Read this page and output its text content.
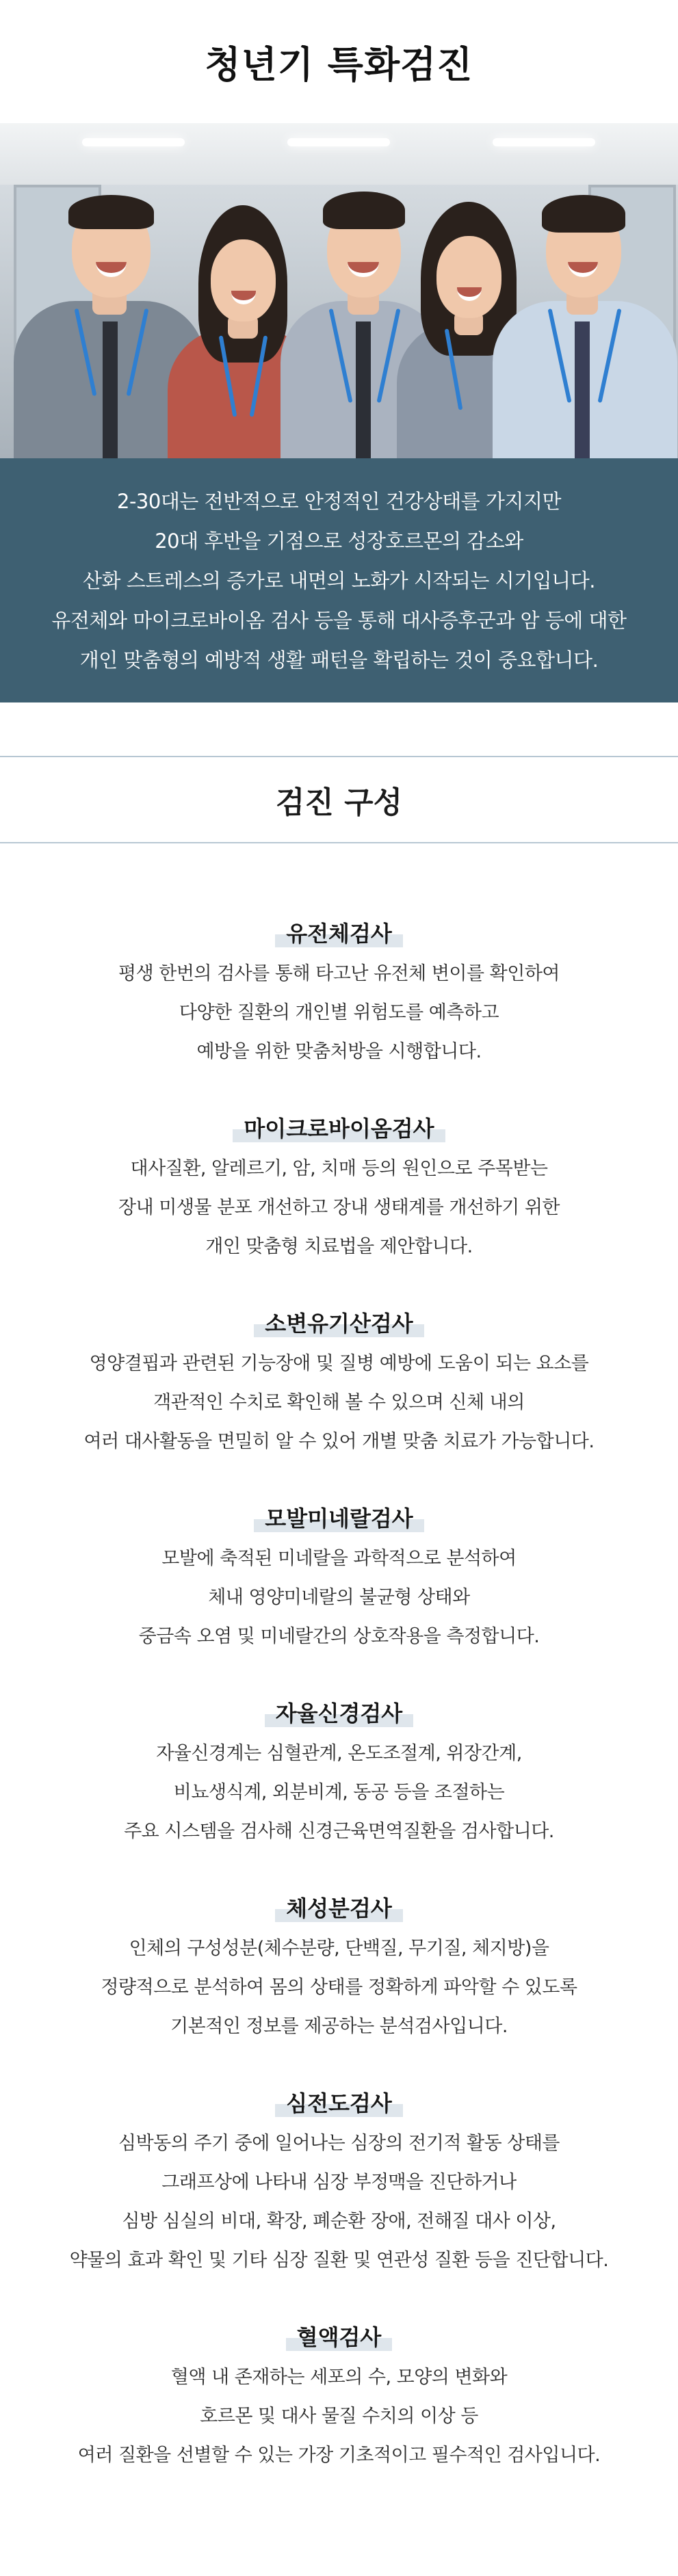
청년기 특화검진

2-30대는 전반적으로 안정적인 건강상태를 가지지만

20대 후반을 기점으로 성장호르몬의 감소와

산화 스트레스의 증가로 내면의 노화가 시작되는 시기입니다.

유전체와 마이크로바이옴 검사 등을 통해 대사증후군과 암 등에 대한

개인 맞춤형의 예방적 생활 패턴을 확립하는 것이 중요합니다.

검진 구성
유전체검사

평생 한번의 검사를 통해 타고난 유전체 변이를 확인하여

다양한 질환의 개인별 위험도를 예측하고

예방을 위한 맞춤처방을 시행합니다.

마이크로바이옴검사

대사질환, 알레르기, 암, 치매 등의 원인으로 주목받는

장내 미생물 분포 개선하고 장내 생태계를 개선하기 위한

개인 맞춤형 치료법을 제안합니다.

소변유기산검사

영양결핍과 관련된 기능장애 및 질병 예방에 도움이 되는 요소를

객관적인 수치로 확인해 볼 수 있으며 신체 내의

여러 대사활동을 면밀히 알 수 있어 개별 맞춤 치료가 가능합니다.

모발미네랄검사

모발에 축적된 미네랄을 과학적으로 분석하여

체내 영양미네랄의 불균형 상태와

중금속 오염 및 미네랄간의 상호작용을 측정합니다.

자율신경검사

자율신경계는 심혈관계, 온도조절계, 위장간계,

비뇨생식계, 외분비계, 동공 등을 조절하는

주요 시스템을 검사해 신경근육면역질환을 검사합니다.

체성분검사

인체의 구성성분(체수분량, 단백질, 무기질, 체지방)을

정량적으로 분석하여 몸의 상태를 정확하게 파악할 수 있도록

기본적인 정보를 제공하는 분석검사입니다.

심전도검사

심박동의 주기 중에 일어나는 심장의 전기적 활동 상태를

그래프상에 나타내 심장 부정맥을 진단하거나

심방 심실의 비대, 확장, 폐순환 장애, 전해질 대사 이상,

약물의 효과 확인 및 기타 심장 질환 및 연관성 질환 등을 진단합니다.

혈액검사

혈액 내 존재하는 세포의 수, 모양의 변화와

호르몬 및 대사 물질 수치의 이상 등

여러 질환을 선별할 수 있는 가장 기초적이고 필수적인 검사입니다.
